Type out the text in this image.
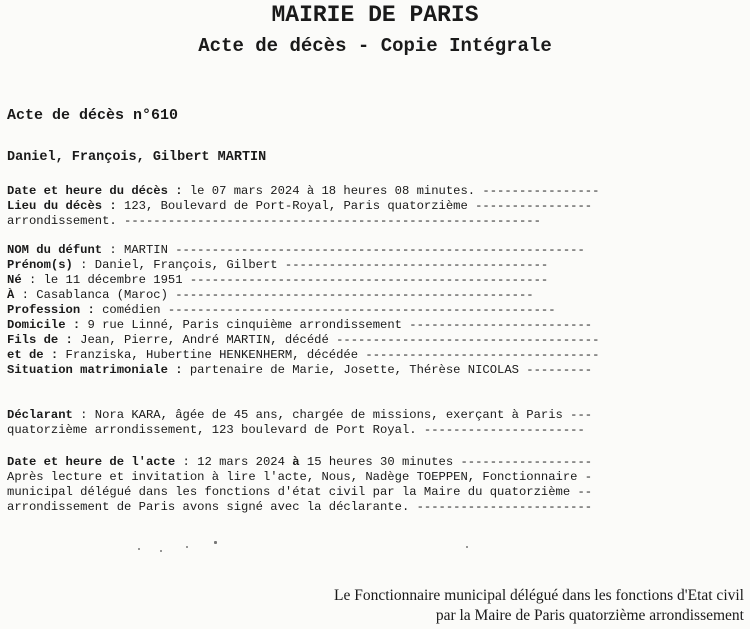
MAIRIE DE PARIS
Acte de décès - Copie Intégrale
Acte de décès n°610
Daniel, François, Gilbert MARTIN
Date et heure du décès : le 07 mars 2024 à 18 heures 08 minutes. ----------------
Lieu du décès : 123, Boulevard de Port-Royal, Paris quatorzième ----------------
arrondissement. ---------------------------------------------------------
NOM du défunt : MARTIN --------------------------------------------------------
Prénom(s) : Daniel, François, Gilbert ------------------------------------
Né : le 11 décembre 1951 -------------------------------------------------
À : Casablanca (Maroc) -------------------------------------------------
Profession : comédien -----------------------------------------------------
Domicile : 9 rue Linné, Paris cinquième arrondissement -------------------------
Fils de : Jean, Pierre, André MARTIN, décédé ------------------------------------
et de : Franziska, Hubertine HENKENHERM, décédée --------------------------------
Situation matrimoniale : partenaire de Marie, Josette, Thérèse NICOLAS ---------
Déclarant : Nora KARA, âgée de 45 ans, chargée de missions, exerçant à Paris ---
quatorzième arrondissement, 123 boulevard de Port Royal. ----------------------
Date et heure de l'acte : 12 mars 2024 à 15 heures 30 minutes ------------------
Après lecture et invitation à lire l'acte, Nous, Nadège TOEPPEN, Fonctionnaire -
municipal délégué dans les fonctions d'état civil par la Maire du quatorzième --
arrondissement de Paris avons signé avec la déclarante. ------------------------
Le Fonctionnaire municipal délégué dans les fonctions d'Etat civil
par la Maire de Paris quatorzième arrondissement
